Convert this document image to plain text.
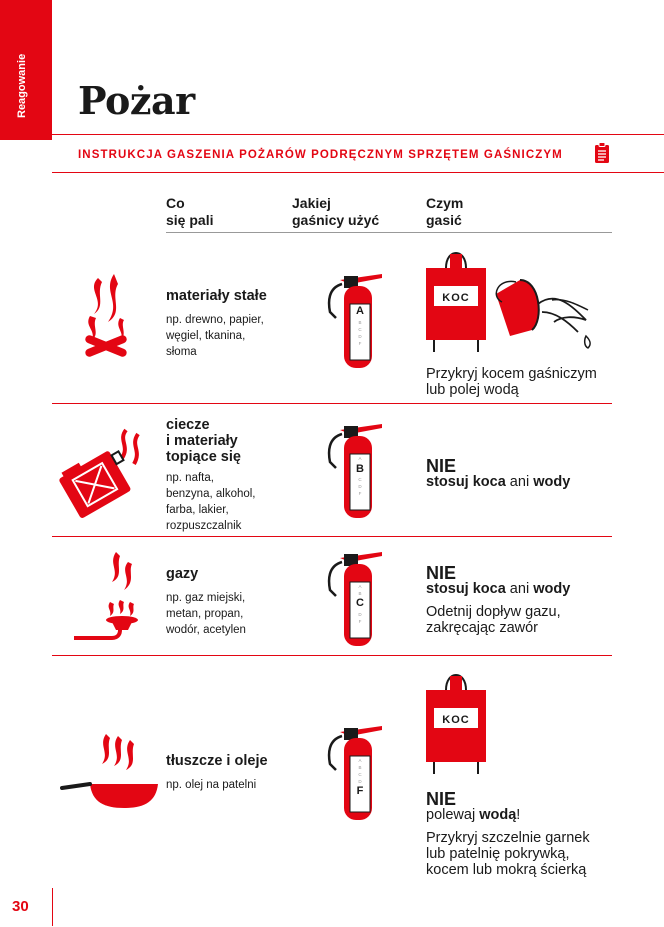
Reagowanie Pożar
INSTRUKCJA GASZENIA POŻARÓW PODRĘCZNYM SPRZĘTEM GAŚNICZYM
Co
się pali
Jakiej
gaśnicy użyć
Czym
gasić
materiały stałe
np. drewno, papier,
węgiel, tkanina,
słoma
A
B
C
D
F
KOC
Przykryj kocem gaśniczym
lub polej wodą
ciecze
i materiały
topiące się
np. nafta,
benzyna, alkohol,
farba, lakier,
rozpuszczalnik
A
B
C
D
F
NIE
stosuj koca ani wody
gazy
np. gaz miejski,
metan, propan,
wodór, acetylen
A
B
C
D
F
NIE
stosuj koca ani wody
Odetnij dopływ gazu,
zakręcając zawór
tłuszcze i oleje
np. olej na patelni
A
B
C
D
F
KOC
NIE
polewaj wodą!
Przykryj szczelnie garnek
lub patelnię pokrywką,
kocem lub mokrą ścierką
30
